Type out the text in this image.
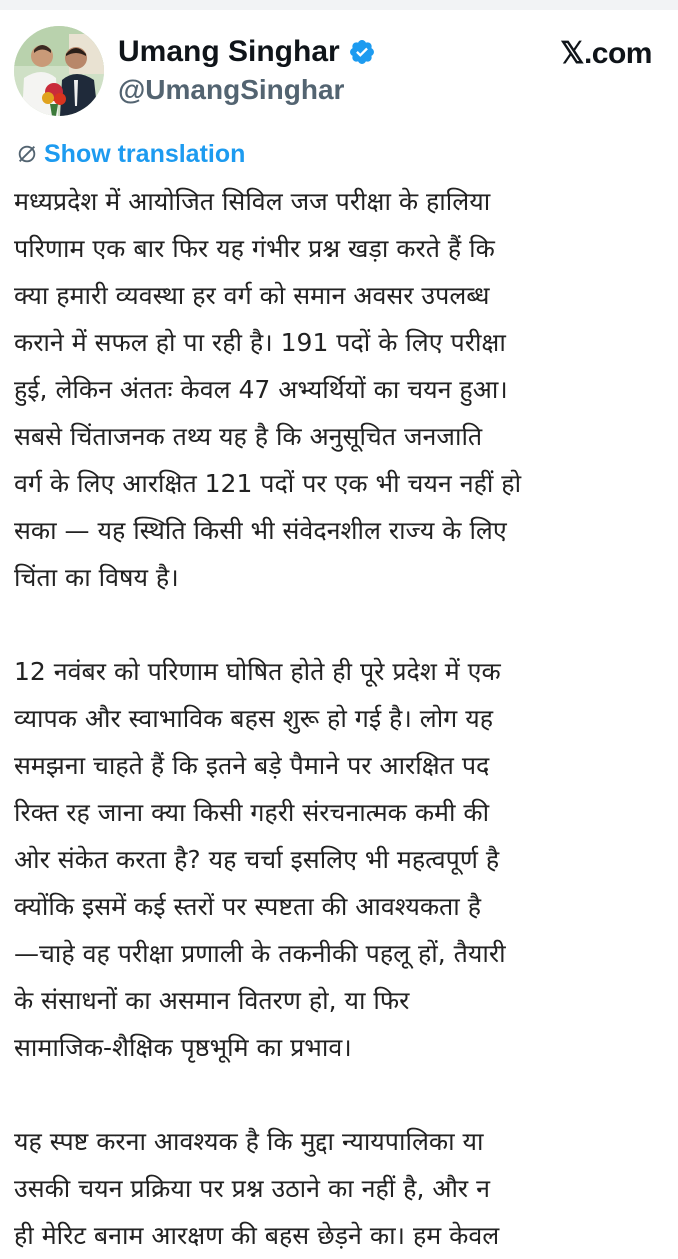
Umang Singhar
@UmangSinghar
𝕏.com
Show translation
मध्यप्रदेश में आयोजित सिविल जज परीक्षा के हालिया
परिणाम एक बार फिर यह गंभीर प्रश्न खड़ा करते हैं कि
क्या हमारी व्यवस्था हर वर्ग को समान अवसर उपलब्ध
कराने में सफल हो पा रही है। 191 पदों के लिए परीक्षा
हुई, लेकिन अंततः केवल 47 अभ्यर्थियों का चयन हुआ।
सबसे चिंताजनक तथ्य यह है कि अनुसूचित जनजाति
वर्ग के लिए आरक्षित 121 पदों पर एक भी चयन नहीं हो
सका — यह स्थिति किसी भी संवेदनशील राज्य के लिए
चिंता का विषय है।
12 नवंबर को परिणाम घोषित होते ही पूरे प्रदेश में एक
व्यापक और स्वाभाविक बहस शुरू हो गई है। लोग यह
समझना चाहते हैं कि इतने बड़े पैमाने पर आरक्षित पद
रिक्त रह जाना क्या किसी गहरी संरचनात्मक कमी की
ओर संकेत करता है? यह चर्चा इसलिए भी महत्वपूर्ण है
क्योंकि इसमें कई स्तरों पर स्पष्टता की आवश्यकता है
—चाहे वह परीक्षा प्रणाली के तकनीकी पहलू हों, तैयारी
के संसाधनों का असमान वितरण हो, या फिर
सामाजिक-शैक्षिक पृष्ठभूमि का प्रभाव।
यह स्पष्ट करना आवश्यक है कि मुद्दा न्यायपालिका या
उसकी चयन प्रक्रिया पर प्रश्न उठाने का नहीं है, और न
ही मेरिट बनाम आरक्षण की बहस छेड़ने का। हम केवल
